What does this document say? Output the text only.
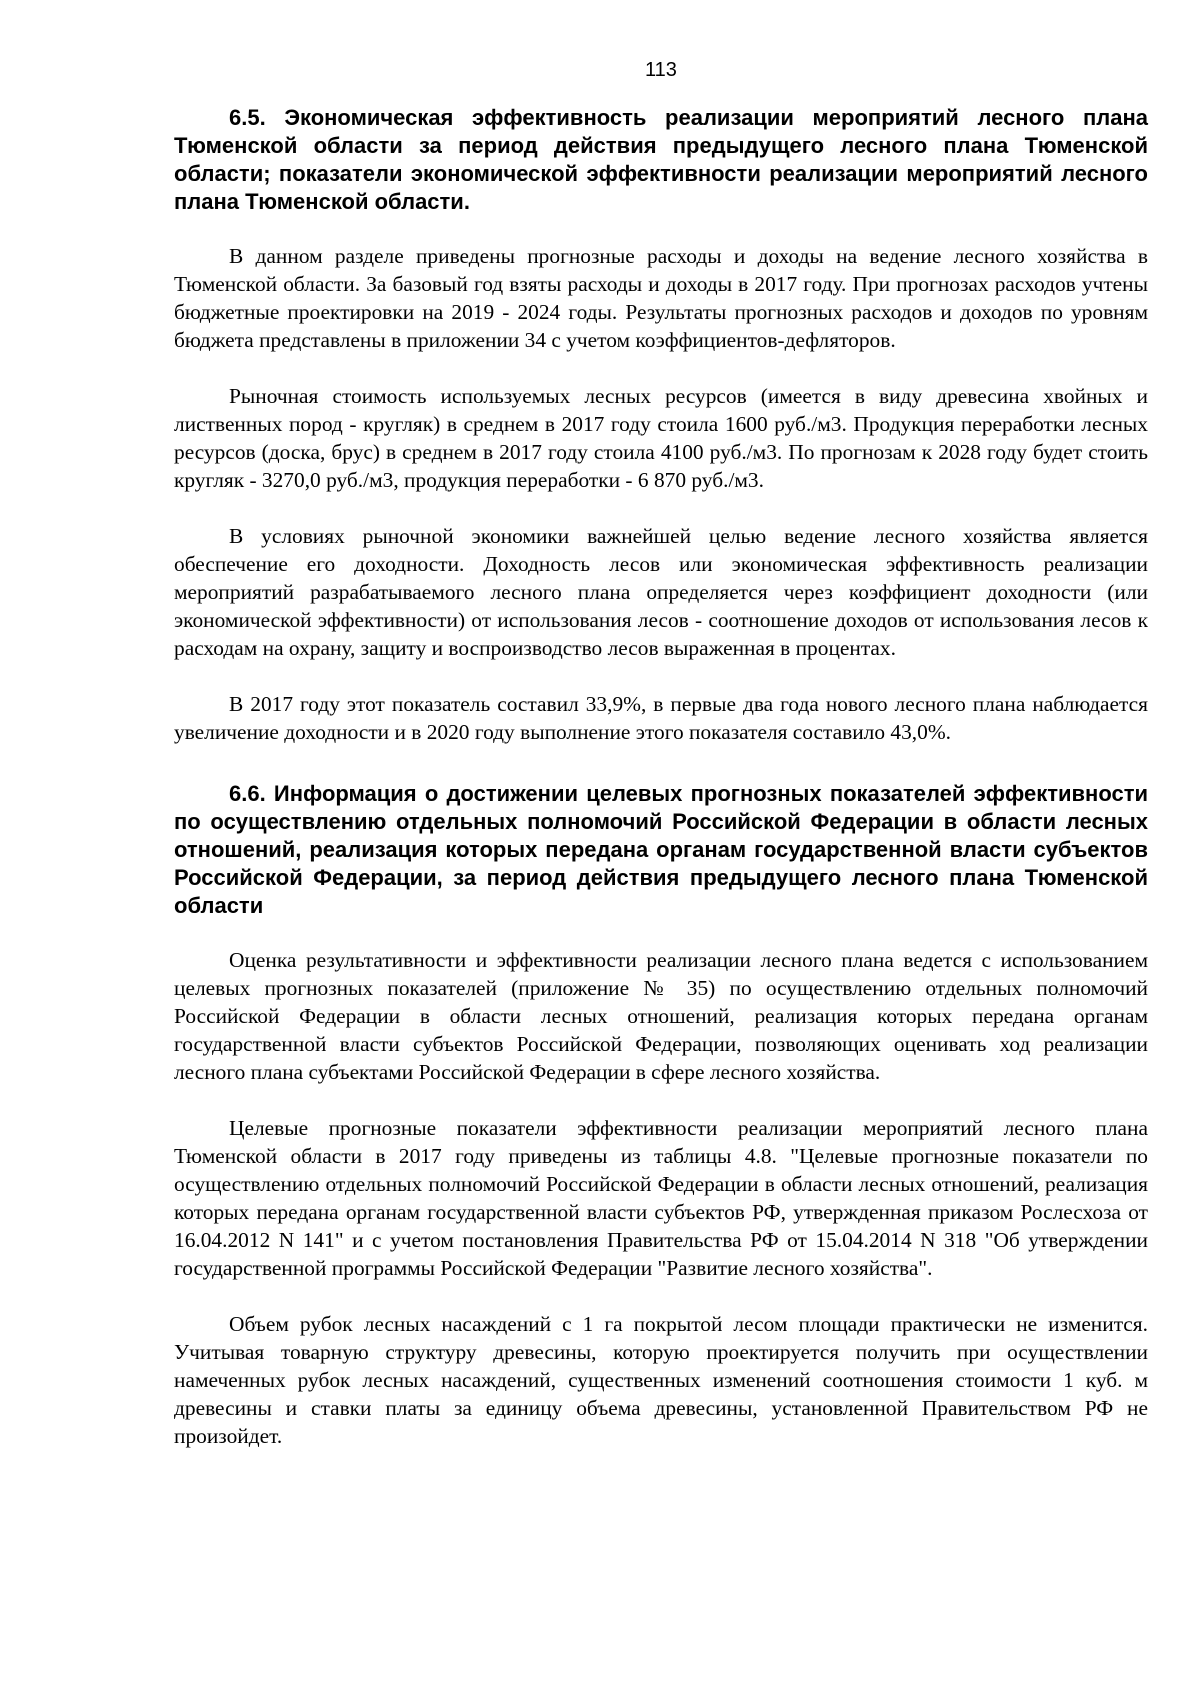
113

6.5. Экономическая эффективность реализации мероприятий лесного плана Тюменской области за период действия предыдущего лесного плана Тюменской области; показатели экономической эффективности реализации мероприятий лесного плана Тюменской области.

В данном разделе приведены прогнозные расходы и доходы на ведение лесного хозяйства в Тюменской области. За базовый год взяты расходы и доходы в 2017 году. При прогнозах расходов учтены бюджетные проектировки на 2019 - 2024 годы. Результаты прогнозных расходов и доходов по уровням бюджета представлены в приложении 34 с учетом коэффициентов-дефляторов.

Рыночная стоимость используемых лесных ресурсов (имеется в виду древесина хвойных и лиственных пород - кругляк) в среднем в 2017 году стоила 1600 руб./м3. Продукция переработки лесных ресурсов (доска, брус) в среднем в 2017 году стоила 4100 руб./м3. По прогнозам к 2028 году будет стоить кругляк - 3270,0 руб./м3, продукция переработки - 6 870 руб./м3.

В условиях рыночной экономики важнейшей целью ведение лесного хозяйства является обеспечение его доходности. Доходность лесов или экономическая эффективность реализации мероприятий разрабатываемого лесного плана определяется через коэффициент доходности (или экономической эффективности) от использования лесов - соотношение доходов от использования лесов к расходам на охрану, защиту и воспроизводство лесов выраженная в процентах.

В 2017 году этот показатель составил 33,9%, в первые два года нового лесного плана наблюдается увеличение доходности и в 2020 году выполнение этого показателя составило 43,0%.

6.6. Информация о достижении целевых прогнозных показателей эффективности по осуществлению отдельных полномочий Российской Федерации в области лесных отношений, реализация которых передана органам государственной власти субъектов Российской Федерации, за период действия предыдущего лесного плана Тюменской области

Оценка результативности и эффективности реализации лесного плана ведется с использованием целевых прогнозных показателей (приложение № 35) по осуществлению отдельных полномочий Российской Федерации в области лесных отношений, реализация которых передана органам государственной власти субъектов Российской Федерации, позволяющих оценивать ход реализации лесного плана субъектами Российской Федерации в сфере лесного хозяйства.

Целевые прогнозные показатели эффективности реализации мероприятий лесного плана Тюменской области в 2017 году приведены из таблицы 4.8. "Целевые прогнозные показатели по осуществлению отдельных полномочий Российской Федерации в области лесных отношений, реализация которых передана органам государственной власти субъектов РФ, утвержденная приказом Рослесхоза от 16.04.2012 N 141" и с учетом постановления Правительства РФ от 15.04.2014 N 318 "Об утверждении государственной программы Российской Федерации "Развитие лесного хозяйства".

Объем рубок лесных насаждений с 1 га покрытой лесом площади практически не изменится. Учитывая товарную структуру древесины, которую проектируется получить при осуществлении намеченных рубок лесных насаждений, существенных изменений соотношения стоимости 1 куб. м древесины и ставки платы за единицу объема древесины, установленной Правительством РФ не произойдет.
